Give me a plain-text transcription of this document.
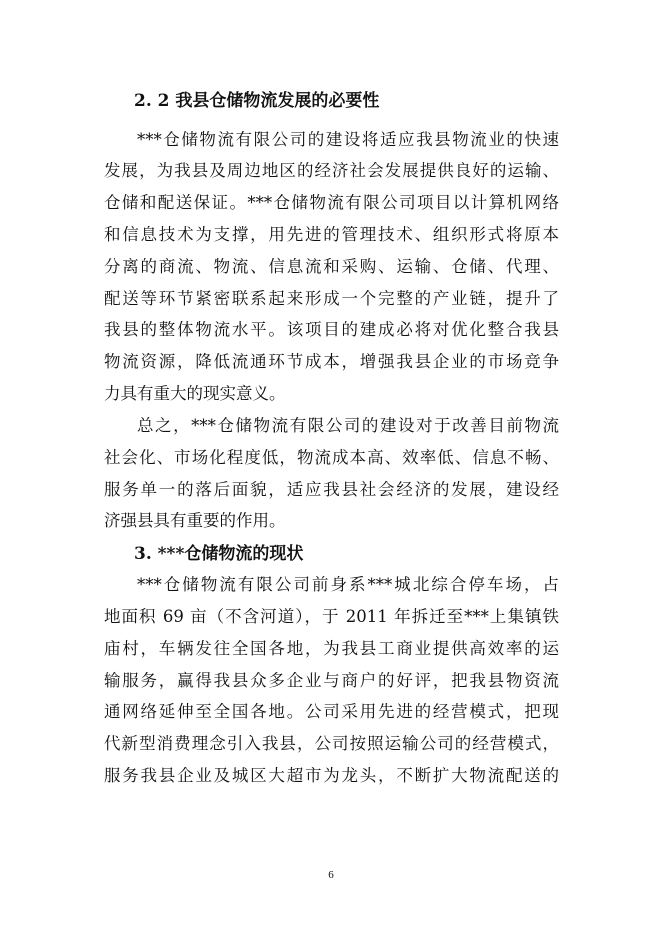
2. 2 我县仓储物流发展的必要性

***仓储物流有限公司的建设将适应我县物流业的快速

发展，为我县及周边地区的经济社会发展提供良好的运输、

仓储和配送保证。***仓储物流有限公司项目以计算机网络

和信息技术为支撑，用先进的管理技术、组织形式将原本

分离的商流、物流、信息流和采购、运输、仓储、代理、

配送等环节紧密联系起来形成一个完整的产业链，提升了

我县的整体物流水平。该项目的建成必将对优化整合我县

物流资源，降低流通环节成本，增强我县企业的市场竞争

力具有重大的现实意义。

总之，***仓储物流有限公司的建设对于改善目前物流

社会化、市场化程度低，物流成本高、效率低、信息不畅、

服务单一的落后面貌，适应我县社会经济的发展，建设经

济强县具有重要的作用。

3. ***仓储物流的现状

***仓储物流有限公司前身系***城北综合停车场，占

地面积 69 亩（不含河道），于 2011 年拆迁至***上集镇铁

庙村，车辆发往全国各地，为我县工商业提供高效率的运

输服务，赢得我县众多企业与商户的好评，把我县物资流

通网络延伸至全国各地。公司采用先进的经营模式，把现

代新型消费理念引入我县，公司按照运输公司的经营模式，

服务我县企业及城区大超市为龙头，不断扩大物流配送的

6
